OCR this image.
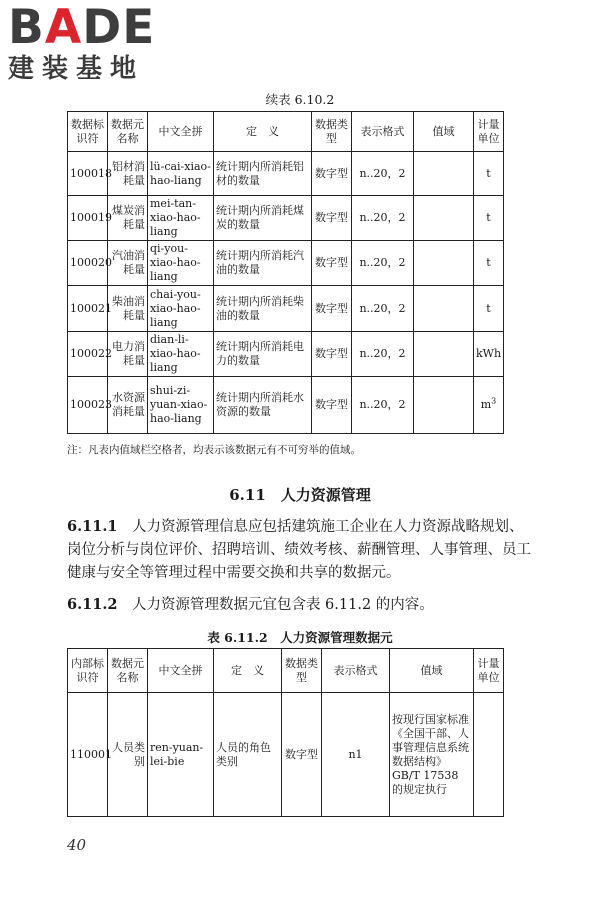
BADE
建装基地
续表 6.10.2
数据标识符	数据元名称	中文全拼	定　义	数据类型	表示格式	值域	计量单位
100018	铝材消耗量	lü-cai-xiao-hao-liang	统计期内所消耗铝材的数量	数字型	n..20，2		t
100019	煤炭消耗量	mei-tan-xiao-hao-liang	统计期内所消耗煤炭的数量	数字型	n..20，2		t
100020	汽油消耗量	qi-you-xiao-hao-liang	统计期内所消耗汽油的数量	数字型	n..20，2		t
100021	柴油消耗量	chai-you-xiao-hao-liang	统计期内所消耗柴油的数量	数字型	n..20，2		t
100022	电力消耗量	dian-li-xiao-hao-liang	统计期内所消耗电力的数量	数字型	n..20，2		kWh
100023	水资源消耗量	shui-zi-yuan-xiao-hao-liang	统计期内所消耗水资源的数量	数字型	n..20，2		$m^3$
注：凡表内值域栏空格者，均表示该数据元有不可穷举的值域。
6.11　人力资源管理
6.11.1　 人力资源管理信息应包括建筑施工企业在人力资源战略规划、岗位分析与岗位评价、招聘培训、绩效考核、薪酬管理、人事管理、员工健康与安全等管理过程中需要交换和共享的数据元。
6.11.2　 人力资源管理数据元宜包含表 6.11.2 的内容。
表 6.11.2　人力资源管理数据元
内部标识符	数据元名称	中文全拼	定　义	数据类型	表示格式	值域	计量单位
110001	人员类别	ren-yuan-lei-bie	人员的角色类别	数字型	n1	按现行国家标准《全国干部、人事管理信息系统数据结构》GB/T 17538 的规定执行	
40
